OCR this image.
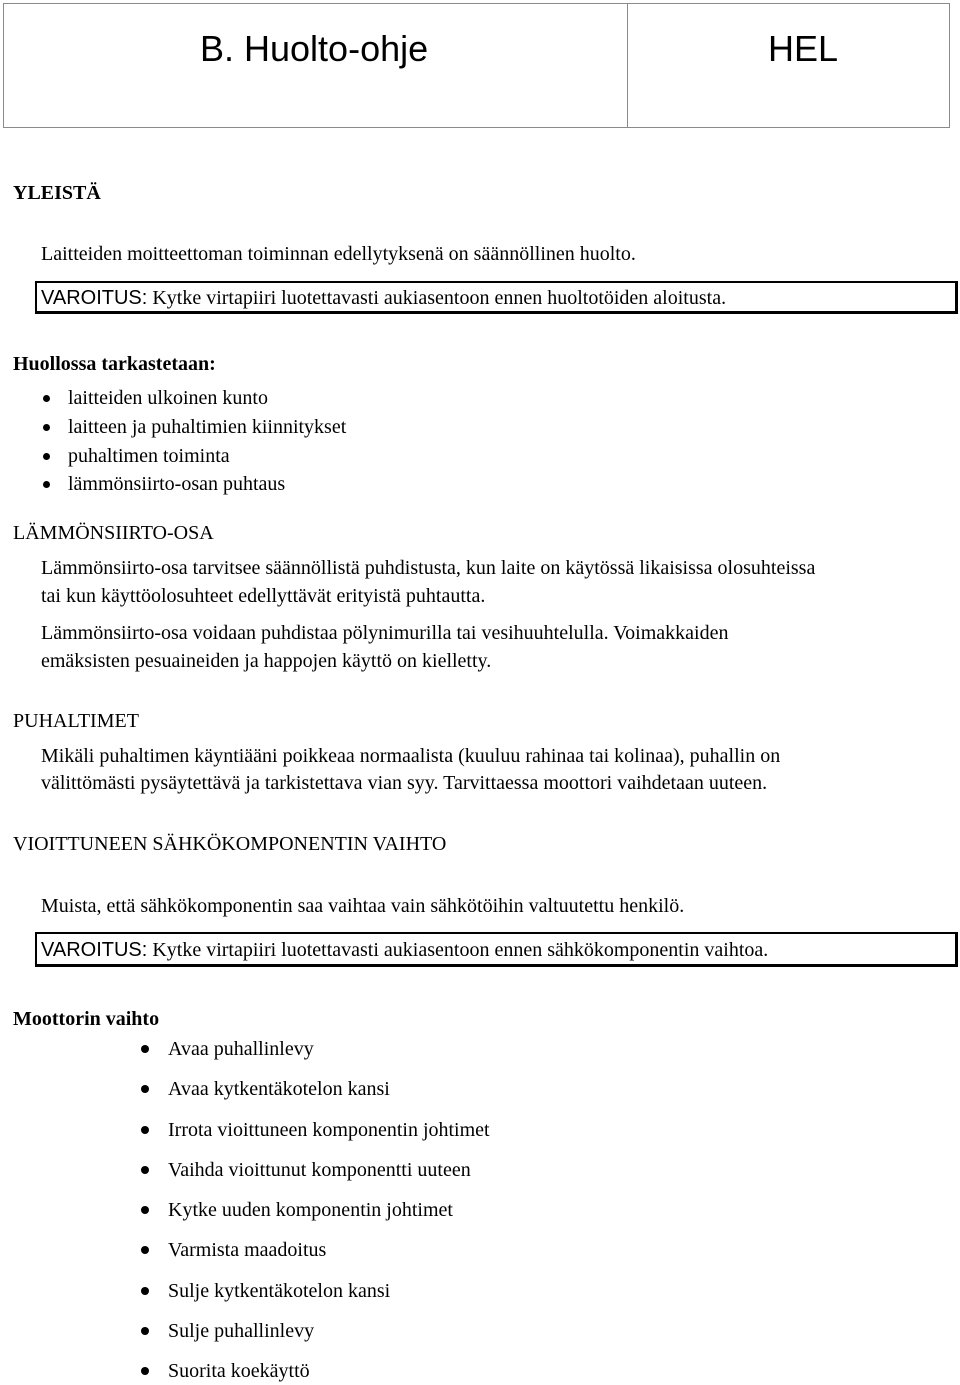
B. Huolto-ohje	HEL
YLEISTÄ
Laitteiden moitteettoman toiminnan edellytyksenä on säännöllinen huolto.
VAROITUS: Kytke virtapiiri luotettavasti aukiasentoon ennen huoltotöiden aloitusta.
Huollossa tarkastetaan:
laitteiden ulkoinen kunto
laitteen ja puhaltimien kiinnitykset
puhaltimen toiminta
lämmönsiirto-osan puhtaus
LÄMMÖNSIIRTO-OSA
Lämmönsiirto-osa tarvitsee säännöllistä puhdistusta, kun laite on käytössä likaisissa olosuhteissa
tai kun käyttöolosuhteet edellyttävät erityistä puhtautta.
Lämmönsiirto-osa voidaan puhdistaa pölynimurilla tai vesihuuhtelulla. Voimakkaiden
emäksisten pesuaineiden ja happojen käyttö on kielletty.
PUHALTIMET
Mikäli puhaltimen käyntiääni poikkeaa normaalista (kuuluu rahinaa tai kolinaa), puhallin on
välittömästi pysäytettävä ja tarkistettava vian syy. Tarvittaessa moottori vaihdetaan uuteen.
VIOITTUNEEN SÄHKÖKOMPONENTIN VAIHTO
Muista, että sähkökomponentin saa vaihtaa vain sähkötöihin valtuutettu henkilö.
VAROITUS: Kytke virtapiiri luotettavasti aukiasentoon ennen sähkökomponentin vaihtoa.
Moottorin vaihto
Avaa puhallinlevy
Avaa kytkentäkotelon kansi
Irrota vioittuneen komponentin johtimet
Vaihda vioittunut komponentti uuteen
Kytke uuden komponentin johtimet
Varmista maadoitus
Sulje kytkentäkotelon kansi
Sulje puhallinlevy
Suorita koekäyttö
